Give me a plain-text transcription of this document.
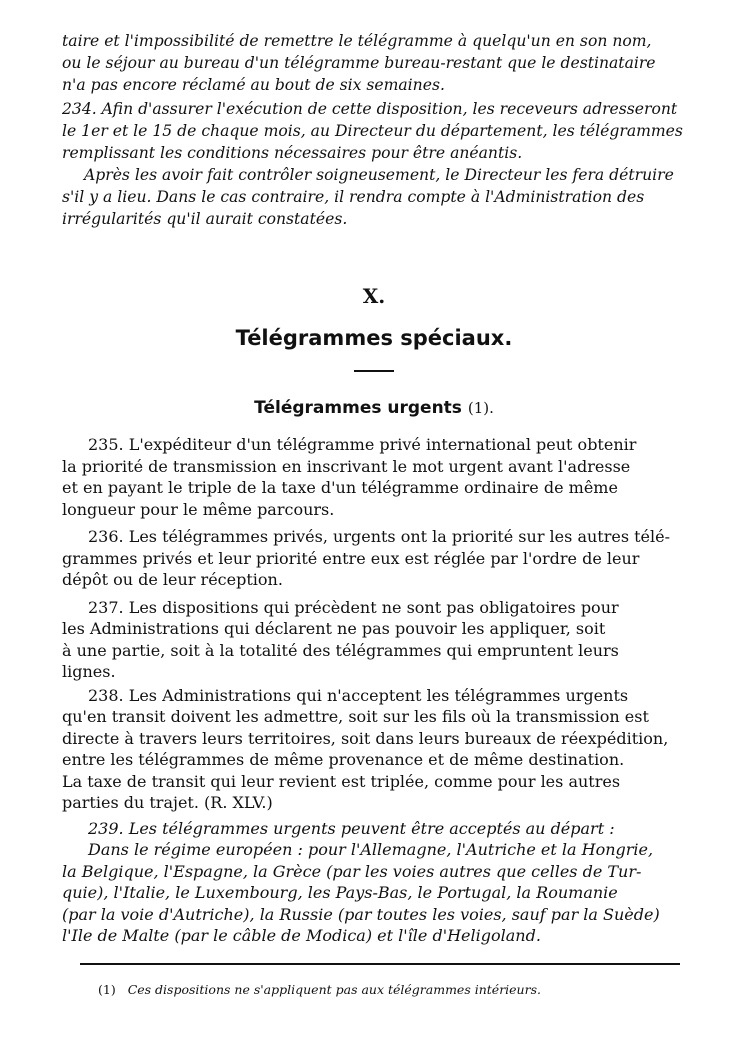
taire et l'impossibilité de remettre le télégramme à quelqu'un en son nom,
ou le séjour au bureau d'un télégramme bureau-restant que le destinataire
n'a pas encore réclamé au bout de six semaines.
234. Afin d'assurer l'exécution de cette disposition, les receveurs adresseront
le 1er et le 15 de chaque mois, au Directeur du département, les télégrammes
remplissant les conditions nécessaires pour être anéantis.
Après les avoir fait contrôler soigneusement, le Directeur les fera détruire
s'il y a lieu. Dans le cas contraire, il rendra compte à l'Administration des
irrégularités qu'il aurait constatées.
X.
Télégrammes spéciaux.
Télégrammes urgents (1).
235. L'expéditeur d'un télégramme privé international peut obtenir
la priorité de transmission en inscrivant le mot urgent avant l'adresse
et en payant le triple de la taxe d'un télégramme ordinaire de même
longueur pour le même parcours.
236. Les télégrammes privés, urgents ont la priorité sur les autres télé-
grammes privés et leur priorité entre eux est réglée par l'ordre de leur
dépôt ou de leur réception.
237. Les dispositions qui précèdent ne sont pas obligatoires pour
les Administrations qui déclarent ne pas pouvoir les appliquer, soit
à une partie, soit à la totalité des télégrammes qui empruntent leurs
lignes.
238. Les Administrations qui n'acceptent les télégrammes urgents
qu'en transit doivent les admettre, soit sur les fils où la transmission est
directe à travers leurs territoires, soit dans leurs bureaux de réexpédition,
entre les télégrammes de même provenance et de même destination.
La taxe de transit qui leur revient est triplée, comme pour les autres
parties du trajet. (R. XLV.)
239. Les télégrammes urgents peuvent être acceptés au départ :
Dans le régime européen : pour l'Allemagne, l'Autriche et la Hongrie,
la Belgique, l'Espagne, la Grèce (par les voies autres que celles de Tur-
quie), l'Italie, le Luxembourg, les Pays-Bas, le Portugal, la Roumanie
(par la voie d'Autriche), la Russie (par toutes les voies, sauf par la Suède)
l'Ile de Malte (par le câble de Modica) et l'île d'Heligoland.
(1) Ces dispositions ne s'appliquent pas aux télégrammes intérieurs.
